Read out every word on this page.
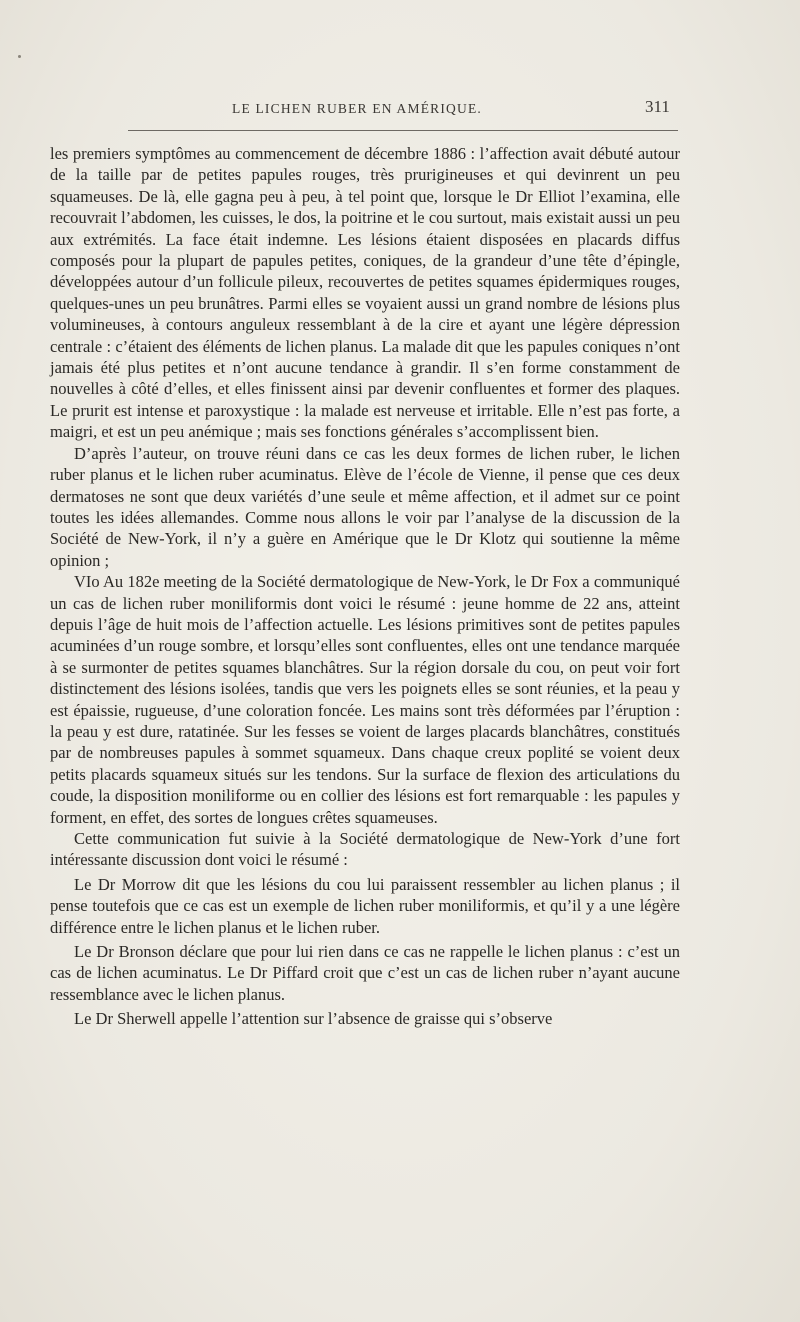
LE LICHEN RUBER EN AMÉRIQUE.	311

les premiers symptômes au commencement de décembre 1886 : l’affection avait débuté autour de la taille par de petites papules rouges, très prurigineuses et qui devinrent un peu squameuses. De là, elle gagna peu à peu, à tel point que, lorsque le Dr Elliot l’examina, elle recouvrait l’abdomen, les cuisses, le dos, la poitrine et le cou surtout, mais existait aussi un peu aux extrémités. La face était indemne. Les lésions étaient disposées en placards diffus composés pour la plupart de papules petites, coniques, de la grandeur d’une tête d’épingle, développées autour d’un follicule pileux, recouvertes de petites squames épidermiques rouges, quelques-unes un peu brunâtres. Parmi elles se voyaient aussi un grand nombre de lésions plus volumineuses, à contours anguleux ressemblant à de la cire et ayant une légère dépression centrale : c’étaient des éléments de lichen planus. La malade dit que les papules coniques n’ont jamais été plus petites et n’ont aucune tendance à grandir. Il s’en forme constamment de nouvelles à côté d’elles, et elles finissent ainsi par devenir confluentes et former des plaques. Le prurit est intense et paroxystique : la malade est nerveuse et irritable. Elle n’est pas forte, a maigri, et est un peu anémique ; mais ses fonctions générales s’accomplissent bien.

D’après l’auteur, on trouve réuni dans ce cas les deux formes de lichen ruber, le lichen ruber planus et le lichen ruber acuminatus. Elève de l’école de Vienne, il pense que ces deux dermatoses ne sont que deux variétés d’une seule et même affection, et il admet sur ce point toutes les idées allemandes. Comme nous allons le voir par l’analyse de la discussion de la Société de New-York, il n’y a guère en Amérique que le Dr Klotz qui soutienne la même opinion ;

VIo Au 182e meeting de la Société dermatologique de New-York, le Dr Fox a communiqué un cas de lichen ruber moniliformis dont voici le résumé : jeune homme de 22 ans, atteint depuis l’âge de huit mois de l’affection actuelle. Les lésions primitives sont de petites papules acuminées d’un rouge sombre, et lorsqu’elles sont confluentes, elles ont une tendance marquée à se surmonter de petites squames blanchâtres. Sur la région dorsale du cou, on peut voir fort distinctement des lésions isolées, tandis que vers les poignets elles se sont réunies, et la peau y est épaissie, rugueuse, d’une coloration foncée. Les mains sont très déformées par l’éruption : la peau y est dure, ratatinée. Sur les fesses se voient de larges placards blanchâtres, constitués par de nombreuses papules à sommet squameux. Dans chaque creux poplité se voient deux petits placards squameux situés sur les tendons. Sur la surface de flexion des articulations du coude, la disposition moniliforme ou en collier des lésions est fort remarquable : les papules y forment, en effet, des sortes de longues crêtes squameuses.

Cette communication fut suivie à la Société dermatologique de New-York d’une fort intéressante discussion dont voici le résumé :

Le Dr Morrow dit que les lésions du cou lui paraissent ressembler au lichen planus ; il pense toutefois que ce cas est un exemple de lichen ruber moniliformis, et qu’il y a une légère différence entre le lichen planus et le lichen ruber.

Le Dr Bronson déclare que pour lui rien dans ce cas ne rappelle le lichen planus : c’est un cas de lichen acuminatus. Le Dr Piffard croit que c’est un cas de lichen ruber n’ayant aucune ressemblance avec le lichen planus.

Le Dr Sherwell appelle l’attention sur l’absence de graisse qui s’observe
